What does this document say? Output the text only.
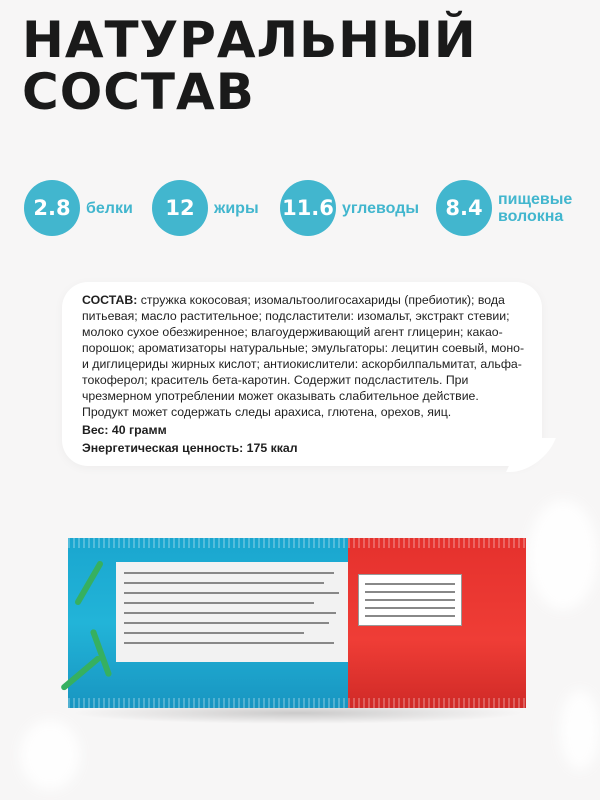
НАТУРАЛЬНЫЙ
СОСТАВ
2.8 белки	12	жиры 11.6 углеводы	8.4 пищевые
волокна

СОСТАВ: стружка кокосовая; изомальтоолигосахариды (пребиотик); вода питьевая; масло растительное; подсластители: изомальт, экстракт стевии; молоко сухое обезжиренное; влагоудерживающий агент глицерин; какао-порошок; ароматизаторы натуральные; эмульгаторы: лецитин соевый, моно- и диглицериды жирных кислот; антиокислители: аскорбилпальмитат, альфа-токоферол; краситель бета-каротин. Содержит подсластитель. При чрезмерном употреблении может оказывать слабительное действие. Продукт может содержать следы арахиса, глютена, орехов, яиц.

Вес: 40 грамм
Энергетическая ценность: 175 ккал
